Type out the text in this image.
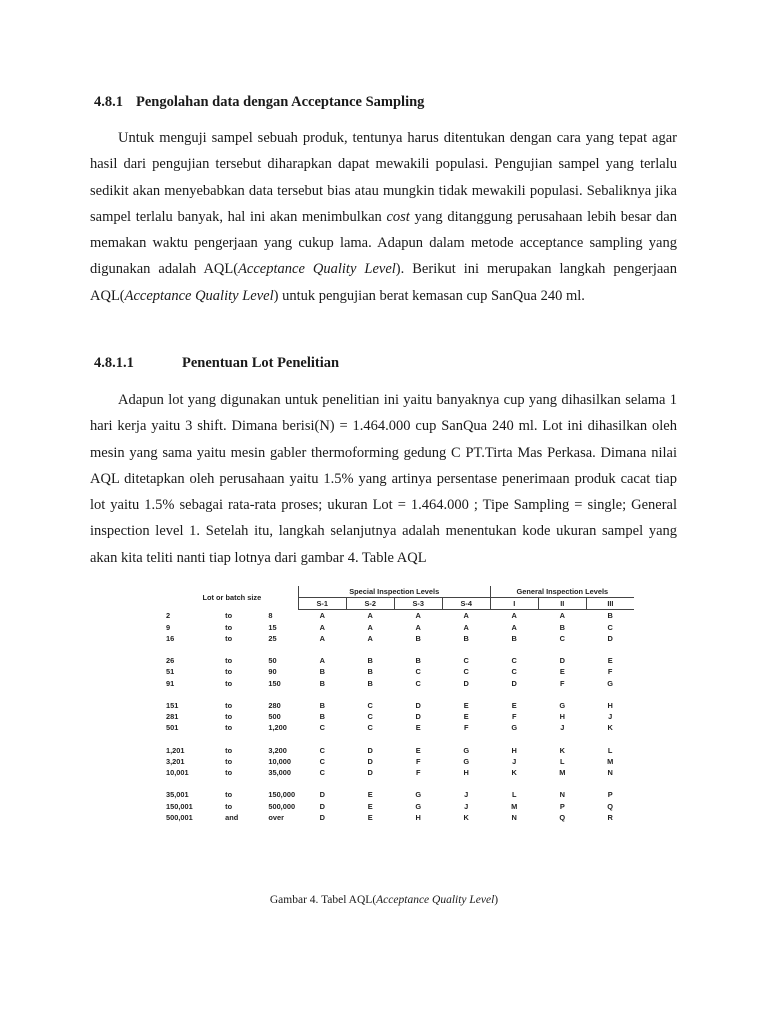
4.8.1 Pengolahan data dengan Acceptance Sampling

Untuk menguji sampel sebuah produk, tentunya harus ditentukan dengan cara yang tepat agar hasil dari pengujian tersebut diharapkan dapat mewakili populasi. Pengujian sampel yang terlalu sedikit akan menyebabkan data tersebut bias atau mungkin tidak mewakili populasi. Sebaliknya jika sampel terlalu banyak, hal ini akan menimbulkan cost yang ditanggung perusahaan lebih besar dan memakan waktu pengerjaan yang cukup lama. Adapun dalam metode acceptance sampling yang digunakan adalah AQL(Acceptance Quality Level). Berikut ini merupakan langkah pengerjaan AQL(Acceptance Quality Level) untuk pengujian berat kemasan cup SanQua 240 ml.

4.8.1.1	Penentuan Lot Penelitian

Adapun lot yang digunakan untuk penelitian ini yaitu banyaknya cup yang dihasilkan selama 1 hari kerja yaitu 3 shift. Dimana berisi(N) = 1.464.000 cup SanQua 240 ml. Lot ini dihasilkan oleh mesin yang sama yaitu mesin gabler thermoforming gedung C PT.Tirta Mas Perkasa. Dimana nilai AQL ditetapkan oleh perusahaan yaitu 1.5% yang artinya persentase penerimaan produk cacat tiap lot yaitu 1.5% sebagai rata-rata proses; ukuran Lot = 1.464.000 ; Tipe Sampling = single; General inspection level 1. Setelah itu, langkah selanjutnya adalah menentukan kode ukuran sampel yang akan kita teliti nanti tiap lotnya dari gambar 4. Table AQL

Lot or batch size			Special Inspection Levels				General Inspection Levels		
			S-1	S-2	S-3	S-4	I	II	III
2	to	8	A	A	A	A	A	A	B
9	to	15	A	A	A	A	A	B	C
16	to	25	A	A	B	B	B	C	D

26	to	50	A	B	B	C	C	D	E
51	to	90	B	B	C	C	C	E	F
91	to	150	B	B	C	D	D	F	G

151	to	280	B	C	D	E	E	G	H
281	to	500	B	C	D	E	F	H	J
501	to	1,200	C	C	E	F	G	J	K

1,201	to	3,200	C	D	E	G	H	K	L
3,201	to	10,000	C	D	F	G	J	L	M
10,001	to	35,000	C	D	F	H	K	M	N

35,001	to	150,000	D	E	G	J	L	N	P
150,001	to	500,000	D	E	G	J	M	P	Q
500,001	and	over	D	E	H	K	N	Q	R
Gambar 4. Tabel AQL(Acceptance Quality Level)
